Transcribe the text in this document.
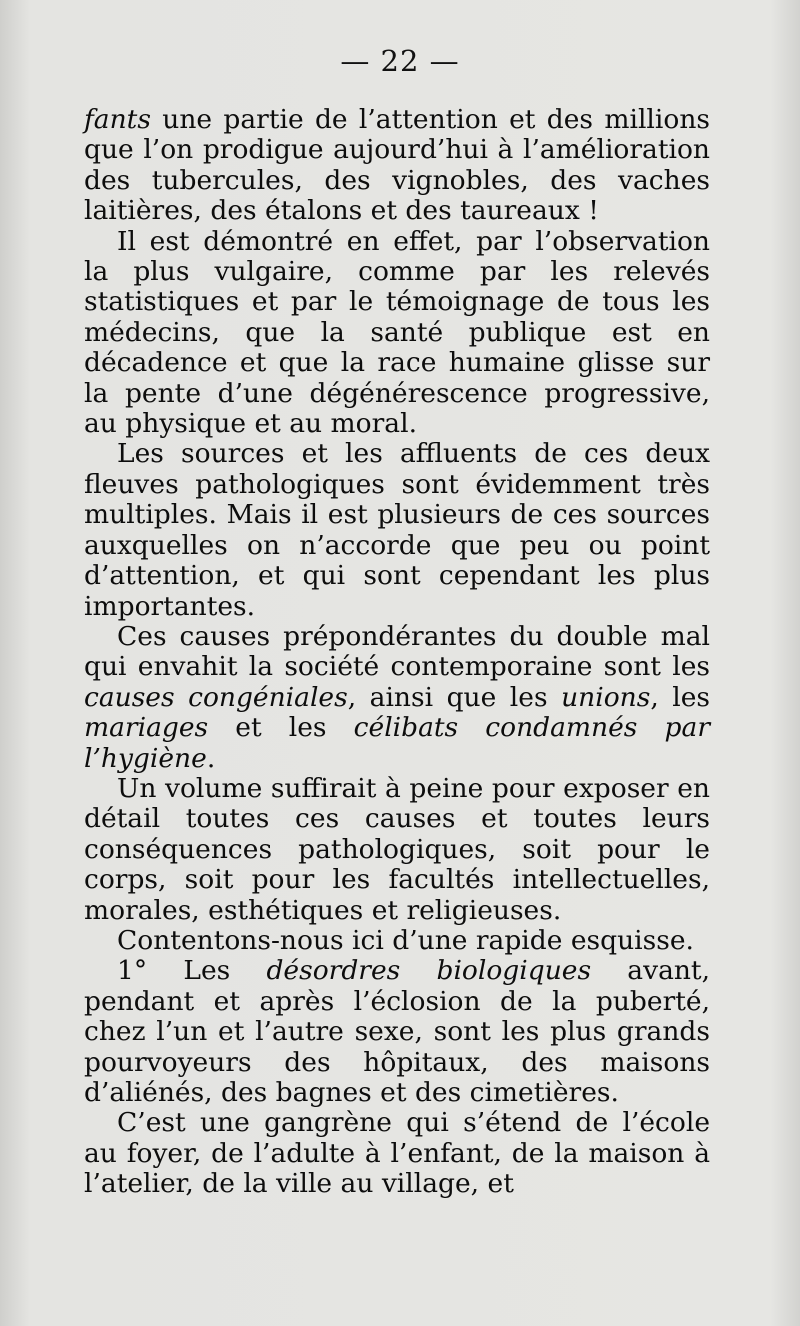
— 22 —

fants une partie de l’attention et des millions que l’on prodigue aujourd’hui à l’amélioration des tubercules, des vignobles, des vaches laitières, des étalons et des taureaux !

Il est démontré en effet, par l’observation la plus vulgaire, comme par les relevés statistiques et par le témoignage de tous les médecins, que la santé publique est en décadence et que la race humaine glisse sur la pente d’une dégénérescence progressive, au physique et au moral.

Les sources et les affluents de ces deux fleuves pathologiques sont évidemment très multiples. Mais il est plusieurs de ces sources auxquelles on n’accorde que peu ou point d’attention, et qui sont cependant les plus importantes.

Ces causes prépondérantes du double mal qui envahit la société contemporaine sont les causes congéniales, ainsi que les unions, les mariages et les célibats condamnés par l’hygiène.

Un volume suffirait à peine pour exposer en détail toutes ces causes et toutes leurs conséquences pathologiques, soit pour le corps, soit pour les facultés intellectuelles, morales, esthétiques et religieuses.

Contentons-nous ici d’une rapide esquisse.

1° Les désordres biologiques avant, pendant et après l’éclosion de la puberté, chez l’un et l’autre sexe, sont les plus grands pourvoyeurs des hôpitaux, des maisons d’aliénés, des bagnes et des cimetières.

C’est une gangrène qui s’étend de l’école au foyer, de l’adulte à l’enfant, de la maison à l’atelier, de la ville au village, et
